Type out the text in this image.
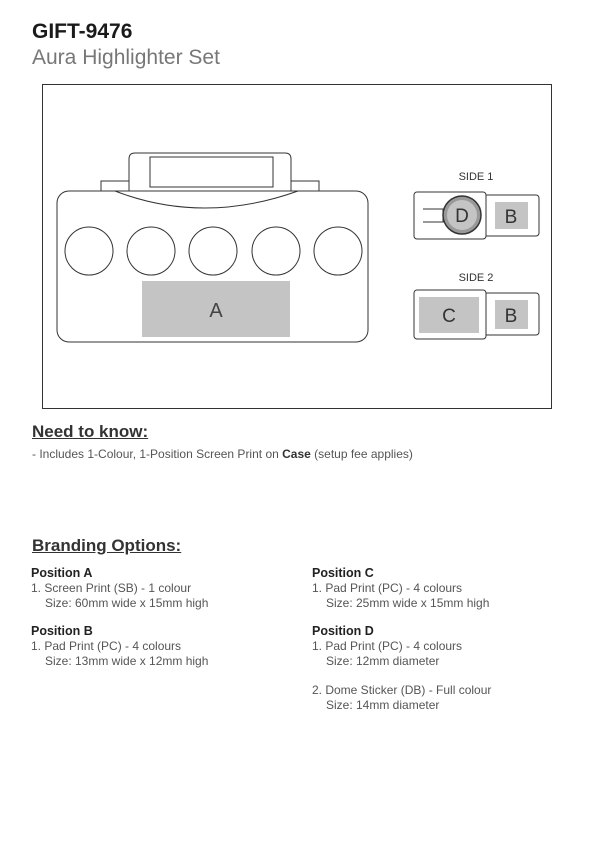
GIFT-9476
Aura Highlighter Set
A
SIDE 1
B
D
SIDE 2
C	B
Need to know:
- Includes 1-Colour, 1-Position Screen Print on Case (setup fee applies)
Branding Options:
Position A
1. Screen Print (SB) - 1 colour
Size: 60mm wide x 15mm high
Position B
1. Pad Print (PC) - 4 colours
Size: 13mm wide x 12mm high
Position C
1. Pad Print (PC) - 4 colours
Size: 25mm wide x 15mm high
Position D
1. Pad Print (PC) - 4 colours
Size: 12mm diameter
2. Dome Sticker (DB) - Full colour
Size: 14mm diameter
